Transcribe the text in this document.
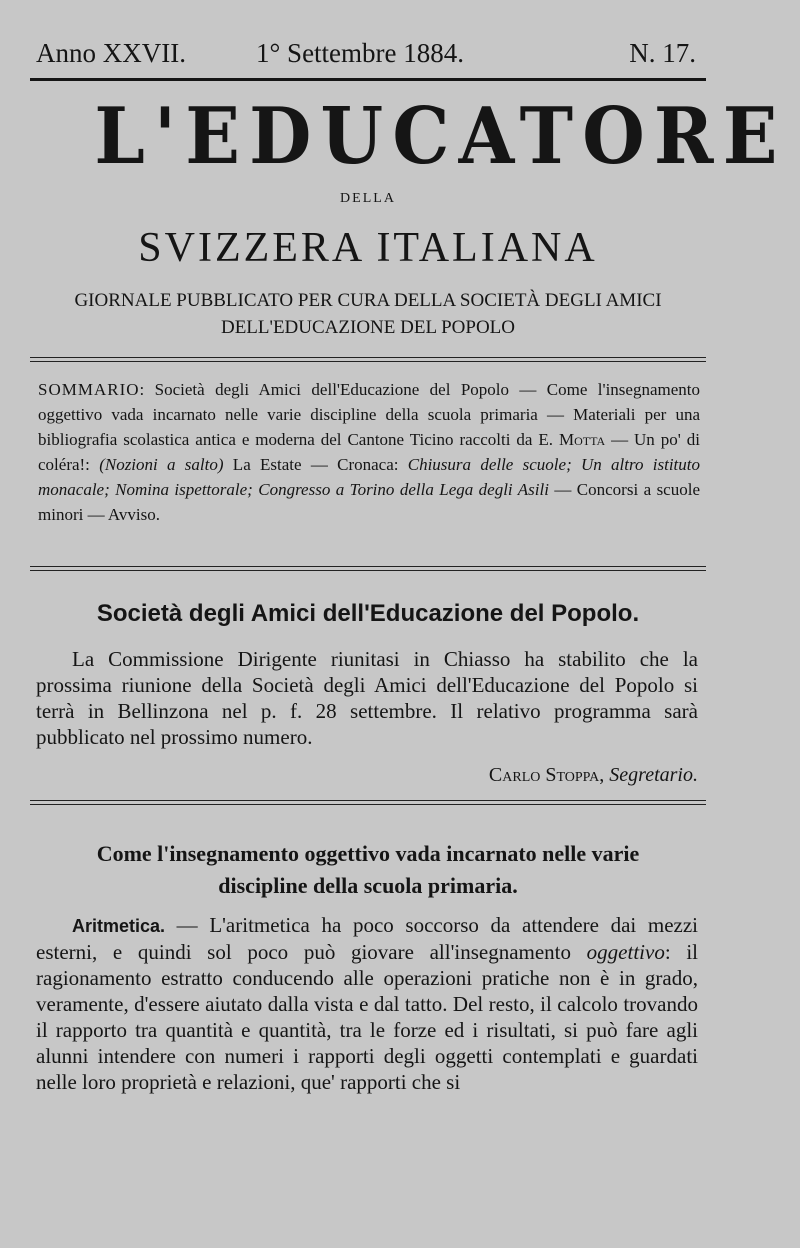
Anno XXVII.	1° Settembre 1884.	N. 17.
L'EDUCATORE
DELLA
SVIZZERA ITALIANA
GIORNALE PUBBLICATO PER CURA DELLA SOCIETÀ DEGLI AMICI
DELL'EDUCAZIONE DEL POPOLO
SOMMARIO: Società degli Amici dell'Educazione del Popolo — Come l'insegnamento oggettivo vada incarnato nelle varie discipline della scuola primaria — Materiali per una bibliografia scolastica antica e moderna del Cantone Ticino raccolti da E. Motta — Un po' di coléra!: (Nozioni a salto) La Estate — Cronaca: Chiusura delle scuole; Un altro istituto monacale; Nomina ispettorale; Congresso a Torino della Lega degli Asili — Concorsi a scuole minori — Avviso.
Società degli Amici dell'Educazione del Popolo.
La Commissione Dirigente riunitasi in Chiasso ha stabilito che la prossima riunione della Società degli Amici dell'Educazione del Popolo si terrà in Bellinzona nel p. f. 28 settembre. Il relativo programma sarà pubblicato nel prossimo numero.
Carlo Stoppa, Segretario.
Come l'insegnamento oggettivo vada incarnato nelle varie
discipline della scuola primaria.
Aritmetica. — L'aritmetica ha poco soccorso da attendere dai mezzi esterni, e quindi sol poco può giovare all'insegnamento oggettivo: il ragionamento estratto conducendo alle operazioni pratiche non è in grado, veramente, d'essere aiutato dalla vista e dal tatto. Del resto, il calcolo trovando il rapporto tra quantità e quantità, tra le forze ed i risultati, si può fare agli alunni intendere con numeri i rapporti degli oggetti contemplati e guardati nelle loro proprietà e relazioni, que' rapporti che si
